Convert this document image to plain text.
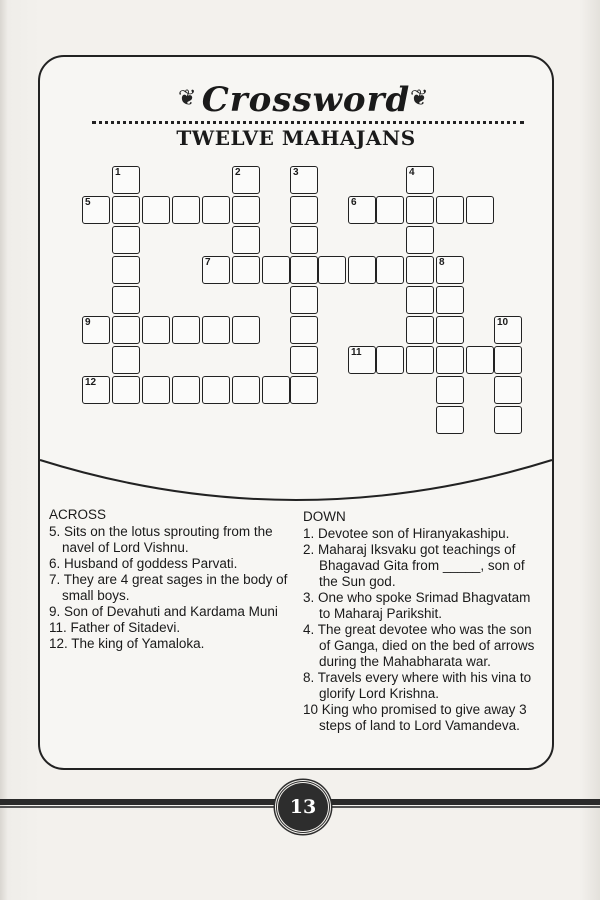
❦ Crossword ❦
TWELVE MAHAJANS
5	6
7
9
11
12
1	2	3	4
8
10
ACROSS

5. Sits on the lotus sprouting from the navel of Lord Vishnu.

6. Husband of goddess Parvati.

7. They are 4 great sages in the body of small boys.

9. Son of Devahuti and Kardama Muni

11. Father of Sitadevi.

12. The king of Yamaloka.

DOWN

1. Devotee son of Hiranyakashipu.

2. Maharaj Iksvaku got teachings of Bhagavad Gita from _____, son of the Sun god.

3. One who spoke Srimad Bhagvatam to Maharaj Parikshit.

4. The great devotee who was the son of Ganga, died on the bed of arrows during the Mahabharata war.

8. Travels every where with his vina to glorify Lord Krishna.

10 King who promised to give away 3 steps of land to Lord Vamandeva.

13
